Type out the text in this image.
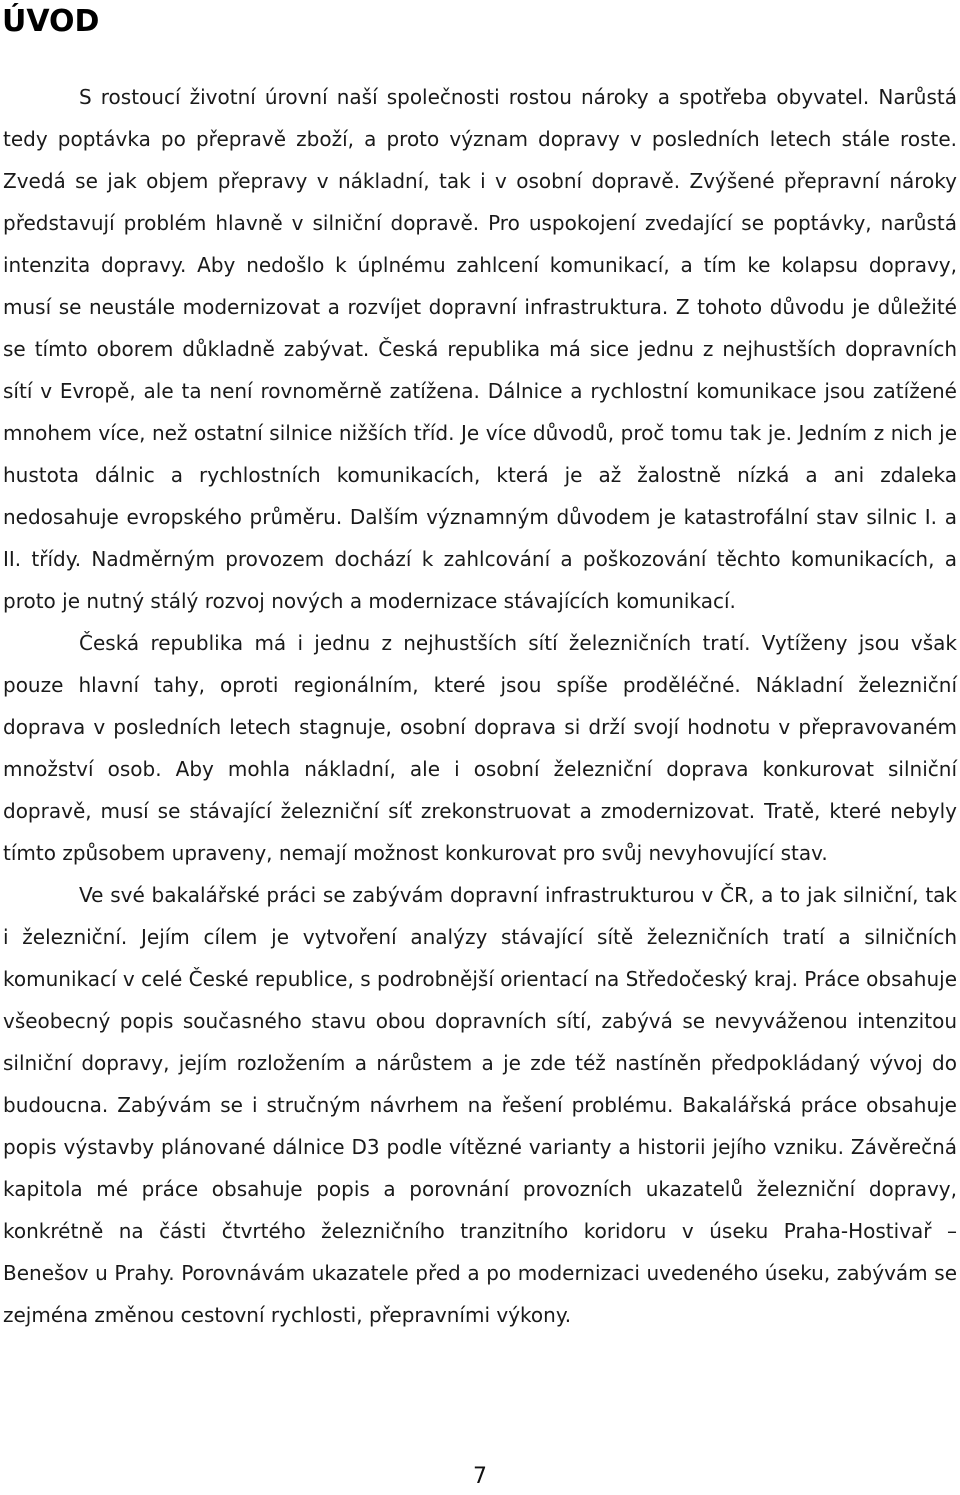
ÚVOD

S rostoucí životní úrovní naší společnosti rostou nároky a spotřeba obyvatel. Narůstá tedy poptávka po přepravě zboží, a proto význam dopravy v posledních letech stále roste. Zvedá se jak objem přepravy v nákladní, tak i v osobní dopravě. Zvýšené přepravní nároky představují problém hlavně v silniční dopravě. Pro uspokojení zvedající se poptávky, narůstá intenzita dopravy. Aby nedošlo k úplnému zahlcení komunikací, a tím ke kolapsu dopravy, musí se neustále modernizovat a rozvíjet dopravní infrastruktura. Z tohoto důvodu je důležité se tímto oborem důkladně zabývat. Česká republika má sice jednu z nejhustších dopravních sítí v Evropě, ale ta není rovnoměrně zatížena. Dálnice a rychlostní komunikace jsou zatížené mnohem více, než ostatní silnice nižších tříd. Je více důvodů, proč tomu tak je. Jedním z nich je hustota dálnic a rychlostních komunikacích, která je až žalostně nízká a ani zdaleka nedosahuje evropského průměru. Dalším významným důvodem je katastrofální stav silnic I. a II. třídy. Nadměrným provozem dochází k zahlcování a poškozování těchto komunikacích, a proto je nutný stálý rozvoj nových a modernizace stávajících komunikací.

Česká republika má i jednu z nejhustších sítí železničních tratí. Vytíženy jsou však pouze hlavní tahy, oproti regionálním, které jsou spíše proděléčné. Nákladní železniční doprava v posledních letech stagnuje, osobní doprava si drží svojí hodnotu v přepravovaném množství osob. Aby mohla nákladní, ale i osobní železniční doprava konkurovat silniční dopravě, musí se stávající železniční síť zrekonstruovat a zmodernizovat. Tratě, které nebyly tímto způsobem upraveny, nemají možnost konkurovat pro svůj nevyhovující stav.

Ve své bakalářské práci se zabývám dopravní infrastrukturou v ČR, a to jak silniční, tak i železniční. Jejím cílem je vytvoření analýzy stávající sítě železničních tratí a silničních komunikací v celé České republice, s podrobnější orientací na Středočeský kraj. Práce obsahuje všeobecný popis současného stavu obou dopravních sítí, zabývá se nevyváženou intenzitou silniční dopravy, jejím rozložením a nárůstem a je zde též nastíněn předpokládaný vývoj do budoucna. Zabývám se i stručným návrhem na řešení problému. Bakalářská práce obsahuje popis výstavby plánované dálnice D3 podle vítězné varianty a historii jejího vzniku. Závěrečná kapitola mé práce obsahuje popis a porovnání provozních ukazatelů železniční dopravy, konkrétně na části čtvrtého železničního tranzitního koridoru v úseku Praha-Hostivař – Benešov u Prahy. Porovnávám ukazatele před a po modernizaci uvedeného úseku, zabývám se zejména změnou cestovní rychlosti, přepravními výkony.

7
